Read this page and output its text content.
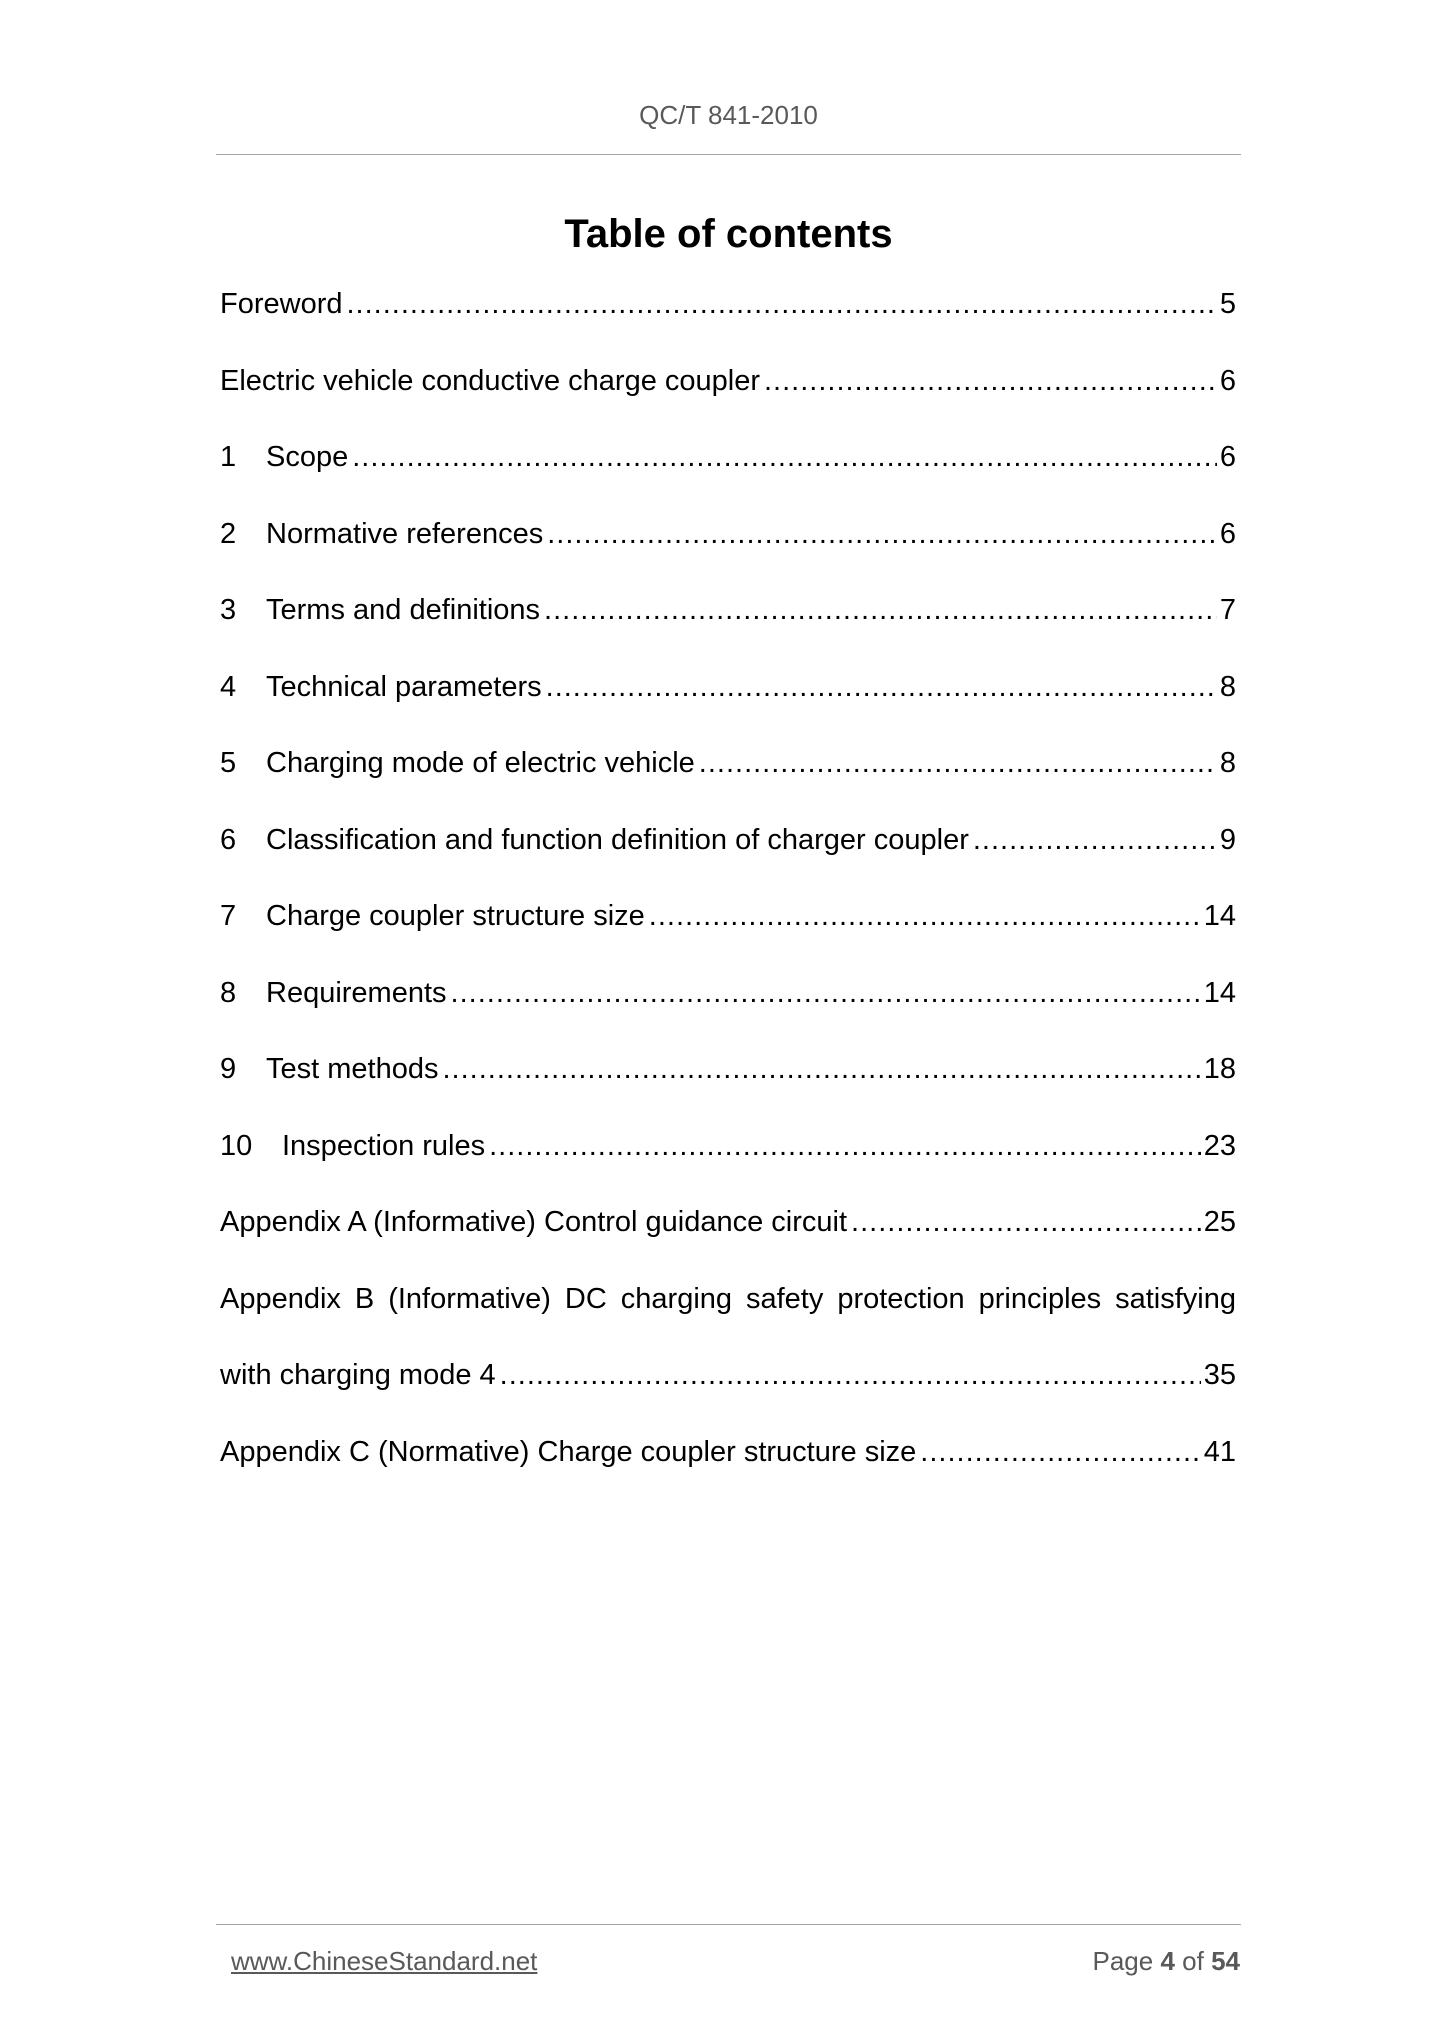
QC/T 841-2010
Table of contents
Foreword .....	5
Electric vehicle conductive charge coupler .....	6
1	Scope .....	6
2	Normative references .....	6
3	Terms and definitions .....	7
4	Technical parameters .....	8
5	Charging mode of electric vehicle .....	8
6	Classification and function definition of charger coupler .....	9
7	Charge coupler structure size .....	14
8	Requirements .....	14
9	Test methods .....	18
10	Inspection rules .....	23
Appendix A (Informative) Control guidance circuit .....	25
Appendix B (Informative) DC charging safety protection principles satisfying
with charging mode 4 .....	35
Appendix C (Normative) Charge coupler structure size .....	41
www.ChineseStandard.net	Page 4 of 54
